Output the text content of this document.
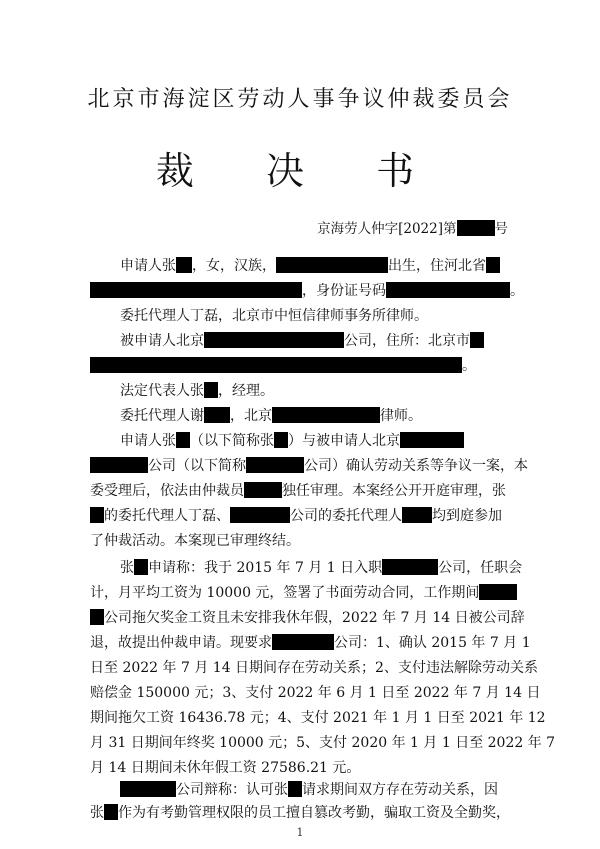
北京市海淀区劳动人事争议仲裁委员会
裁 决 书
京海劳人仲字[2022]第	号
申请人张 ，女，汉族，	出生，住河北省
，身份证号码	。
委托代理人丁磊，北京市中恒信律师事务所律师。
被申请人北京	公司，住所：北京市
。
法定代表人张 ，经理。
委托代理人谢 ，北京	律师。
申请人张 （以下简称张 ）与被申请人北京
公司（以下简称	公司）确认劳动关系等争议一案，本
委受理后，依法由仲裁员	独任审理。本案经公开开庭审理，张
的委托代理人丁磊、	公司的委托代理人 均到庭参加
了仲裁活动。本案现已审理终结。
张 申请称：我于 2015 年 7 月 1 日入职	公司，任职会
计，月平均工资为 10000 元，签署了书面劳动合同，工作期间
公司拖欠奖金工资且未安排我休年假，2022 年 7 月 14 日被公司辞
退，故提出仲裁申请。现要求	公司：1、确认 2015 年 7 月 1
日至 2022 年 7 月 14 日期间存在劳动关系；2、支付违法解除劳动关系
赔偿金 150000 元；3、支付 2022 年 6 月 1 日至 2022 年 7 月 14 日
期间拖欠工资 16436.78 元；4、支付 2021 年 1 月 1 日至 2021 年 12
月 31 日期间年终奖 10000 元；5、支付 2020 年 1 月 1 日至 2022 年 7
月 14 日期间未休年假工资 27586.21 元。
公司辩称：认可张 请求期间双方存在劳动关系，因
张 作为有考勤管理权限的员工擅自篡改考勤，骗取工资及全勤奖，
1
